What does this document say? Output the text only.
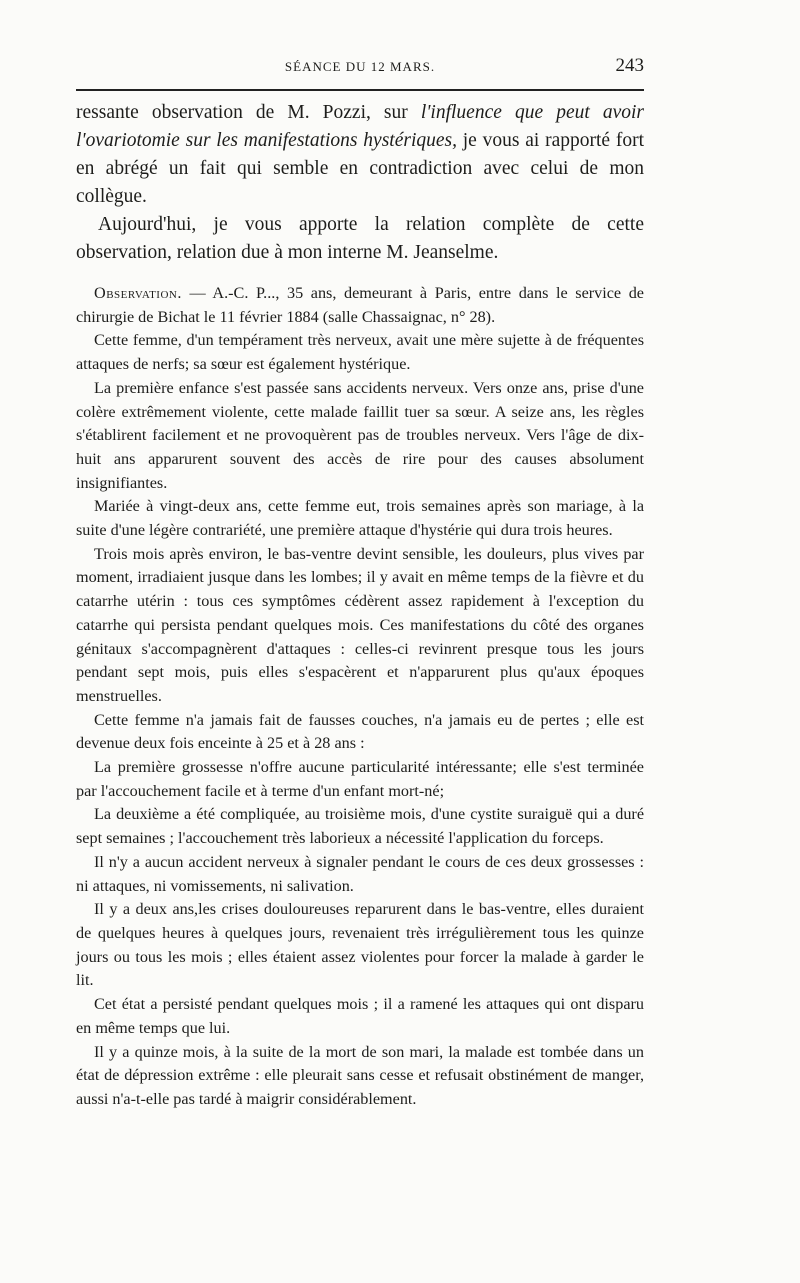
SÉANCE DU 12 MARS.	243

ressante observation de M. Pozzi, sur l'influence que peut avoir l'ovariotomie sur les manifestations hystériques, je vous ai rapporté fort en abrégé un fait qui semble en contradiction avec celui de mon collègue.

Aujourd'hui, je vous apporte la relation complète de cette observation, relation due à mon interne M. Jeanselme.

Observation. — A.-C. P..., 35 ans, demeurant à Paris, entre dans le service de chirurgie de Bichat le 11 février 1884 (salle Chassaignac, n° 28).

Cette femme, d'un tempérament très nerveux, avait une mère sujette à de fréquentes attaques de nerfs; sa sœur est également hystérique.

La première enfance s'est passée sans accidents nerveux. Vers onze ans, prise d'une colère extrêmement violente, cette malade faillit tuer sa sœur. A seize ans, les règles s'établirent facilement et ne provoquèrent pas de troubles nerveux. Vers l'âge de dix-huit ans apparurent souvent des accès de rire pour des causes absolument insignifiantes.

Mariée à vingt-deux ans, cette femme eut, trois semaines après son mariage, à la suite d'une légère contrariété, une première attaque d'hystérie qui dura trois heures.

Trois mois après environ, le bas-ventre devint sensible, les douleurs, plus vives par moment, irradiaient jusque dans les lombes; il y avait en même temps de la fièvre et du catarrhe utérin : tous ces symptômes cédèrent assez rapidement à l'exception du catarrhe qui persista pendant quelques mois. Ces manifestations du côté des organes génitaux s'accompagnèrent d'attaques : celles-ci revinrent presque tous les jours pendant sept mois, puis elles s'espacèrent et n'apparurent plus qu'aux époques menstruelles.

Cette femme n'a jamais fait de fausses couches, n'a jamais eu de pertes ; elle est devenue deux fois enceinte à 25 et à 28 ans :

La première grossesse n'offre aucune particularité intéressante; elle s'est terminée par l'accouchement facile et à terme d'un enfant mort-né;

La deuxième a été compliquée, au troisième mois, d'une cystite suraiguë qui a duré sept semaines ; l'accouchement très laborieux a nécessité l'application du forceps.

Il n'y a aucun accident nerveux à signaler pendant le cours de ces deux grossesses : ni attaques, ni vomissements, ni salivation.

Il y a deux ans,les crises douloureuses reparurent dans le bas-ventre, elles duraient de quelques heures à quelques jours, revenaient très irrégulièrement tous les quinze jours ou tous les mois ; elles étaient assez violentes pour forcer la malade à garder le lit.

Cet état a persisté pendant quelques mois ; il a ramené les attaques qui ont disparu en même temps que lui.

Il y a quinze mois, à la suite de la mort de son mari, la malade est tombée dans un état de dépression extrême : elle pleurait sans cesse et refusait obstinément de manger, aussi n'a-t-elle pas tardé à maigrir considérablement.
